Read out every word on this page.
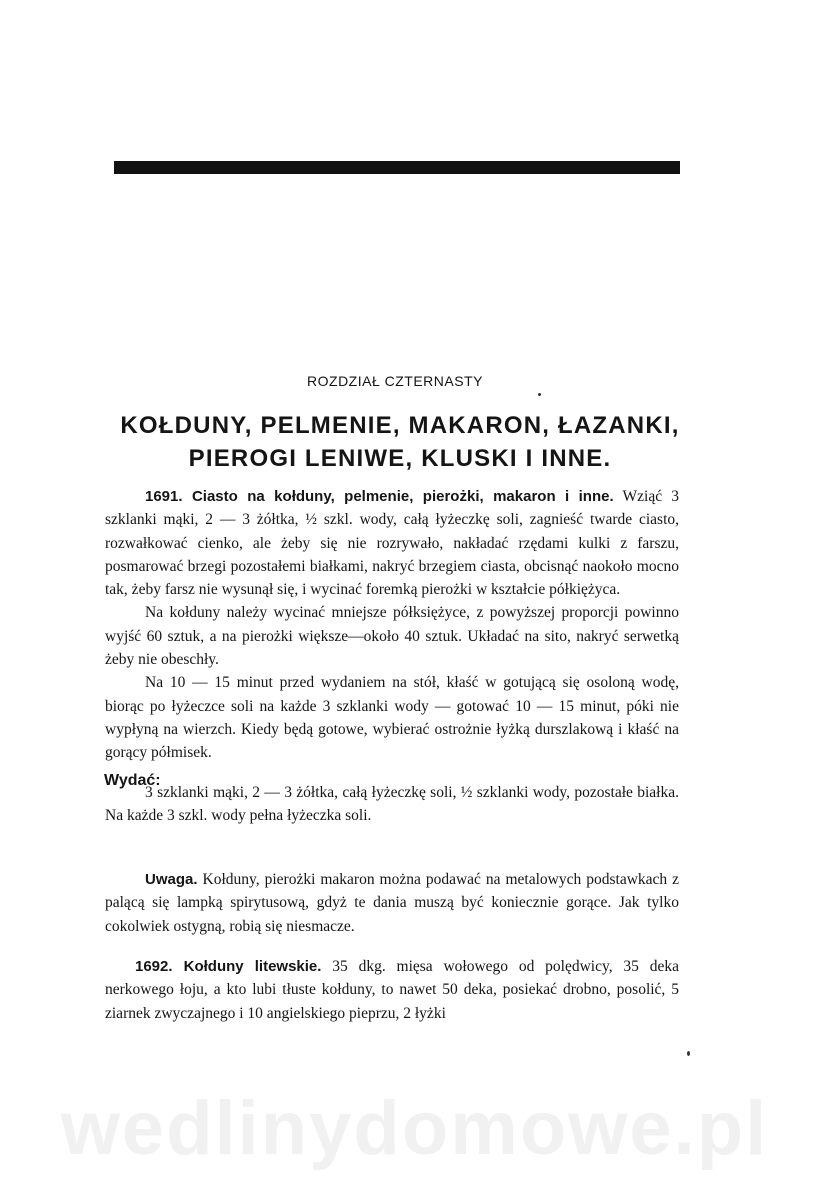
ROZDZIAŁ CZTERNASTY
KOŁDUNY, PELMENIE, MAKARON, ŁAZANKI,
PIEROGI LENIWE, KLUSKI I INNE.

1691. Ciasto na kołduny, pelmenie, pierożki, makaron i inne. Wziąć 3 szklanki mąki, 2 — 3 żółtka, ½ szkl. wody, całą łyżeczkę soli, zagnieść twarde ciasto, rozwałkować cienko, ale żeby się nie rozrywało, nakładać rzędami kulki z farszu, posmarować brzegi pozostałemi białkami, nakryć brzegiem ciasta, obcisnąć naokoło mocno tak, żeby farsz nie wysunął się, i wycinać foremką pierożki w kształcie półkiężyca.

Na kołduny należy wycinać mniejsze półksiężyce, z powyższej proporcji powinno wyjść 60 sztuk, a na pierożki większe—około 40 sztuk. Układać na sito, nakryć serwetką żeby nie obeschły.

Na 10 — 15 minut przed wydaniem na stół, kłaść w gotującą się osoloną wodę, biorąc po łyżeczce soli na każde 3 szklanki wody — gotować 10 — 15 minut, póki nie wypłyną na wierzch. Kiedy będą gotowe, wybierać ostrożnie łyżką durszlakową i kłaść na gorący półmisek.

Wydać:

3 szklanki mąki, 2 — 3 żółtka, całą łyżeczkę soli, ½ szklanki wody, pozostałe białka. Na każde 3 szkl. wody pełna łyżeczka soli.

Uwaga. Kołduny, pierożki makaron można podawać na metalowych podstawkach z palącą się lampką spirytusową, gdyż te dania muszą być koniecznie gorące. Jak tylko cokolwiek ostygną, robią się niesmacze.

1692. Kołduny litewskie. 35 dkg. mięsa wołowego od polędwicy, 35 deka nerkowego łoju, a kto lubi tłuste kołduny, to nawet 50 deka, posiekać drobno, posolić, 5 ziarnek zwyczajnego i 10 angielskiego pieprzu, 2 łyżki

wedlinydomowe.pl
